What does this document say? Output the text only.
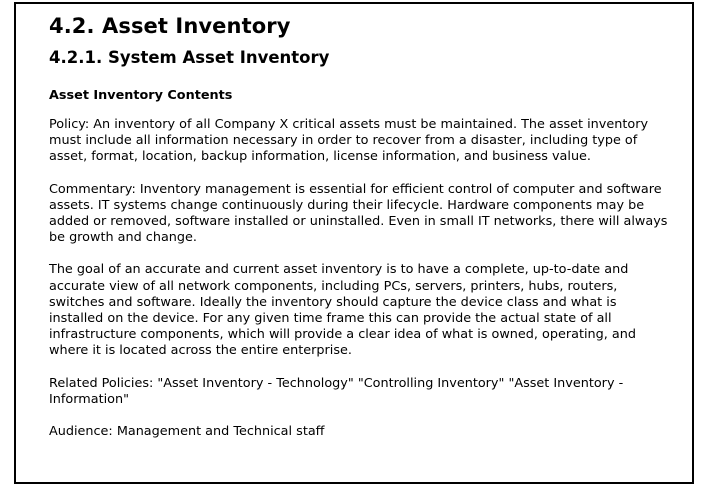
4.2. Asset Inventory
4.2.1. System Asset Inventory
Asset Inventory Contents

Policy: An inventory of all Company X critical assets must be maintained. The asset inventory must include all information necessary in order to recover from a disaster, including type of asset, format, location, backup information, license information, and business value.

Commentary: Inventory management is essential for efficient control of computer and software assets. IT systems change continuously during their lifecycle. Hardware components may be added or removed, software installed or uninstalled. Even in small IT networks, there will always be growth and change.

The goal of an accurate and current asset inventory is to have a complete, up-to-date and accurate view of all network components, including PCs, servers, printers, hubs, routers, switches and software. Ideally the inventory should capture the device class and what is installed on the device. For any given time frame this can provide the actual state of all infrastructure components, which will provide a clear idea of what is owned, operating, and where it is located across the entire enterprise.

Related Policies: "Asset Inventory - Technology" "Controlling Inventory" "Asset Inventory - Information"

Audience: Management and Technical staff
